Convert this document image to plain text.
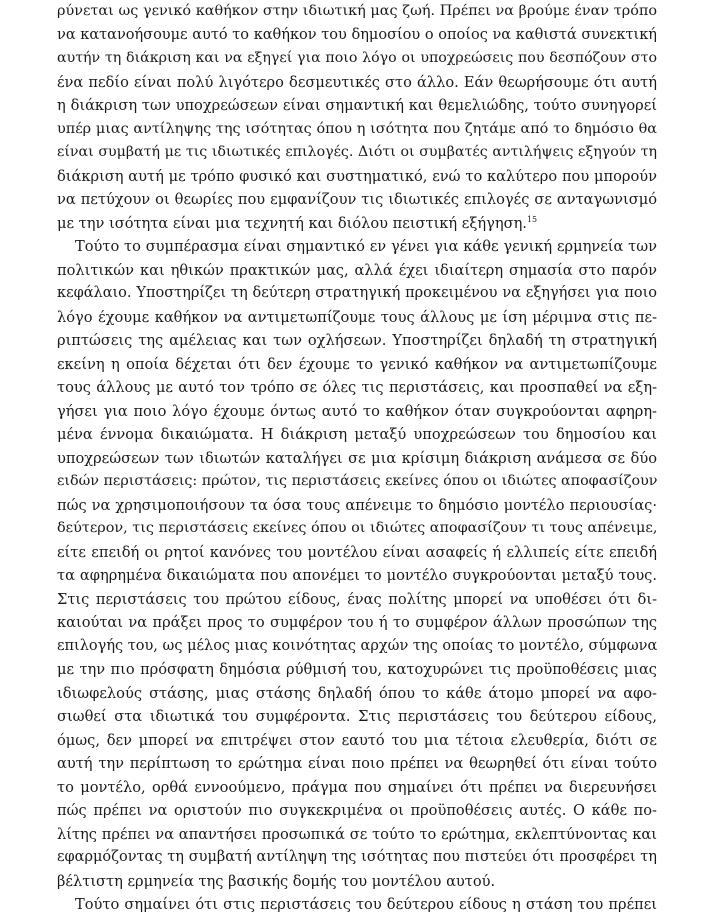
ρύνεται ως γενικό καθήκον στην ιδιωτική μας ζωή. Πρέπει να βρούμε έναν τρόπο
να κατανοήσουμε αυτό το καθήκον του δημοσίου ο οποίος να καθιστά συνεκτική
αυτήν τη διάκριση και να εξηγεί για ποιο λόγο οι υποχρεώσεις που δεσπόζουν στο
ένα πεδίο είναι πολύ λιγότερο δεσμευτικές στο άλλο. Εάν θεωρήσουμε ότι αυτή
η διάκριση των υποχρεώσεων είναι σημαντική και θεμελιώδης, τούτο συνηγορεί
υπέρ μιας αντίληψης της ισότητας όπου η ισότητα που ζητάμε από το δημόσιο θα
είναι συμβατή με τις ιδιωτικές επιλογές. Διότι οι συμβατές αντιλήψεις εξηγούν τη
διάκριση αυτή με τρόπο φυσικό και συστηματικό, ενώ το καλύτερο που μπορούν
να πετύχουν οι θεωρίες που εμφανίζουν τις ιδιωτικές επιλογές σε ανταγωνισμό
με την ισότητα είναι μια τεχνητή και διόλου πειστική εξήγηση.$^{15}$
Τούτο το συμπέρασμα είναι σημαντικό εν γένει για κάθε γενική ερμηνεία των
πολιτικών και ηθικών πρακτικών μας, αλλά έχει ιδιαίτερη σημασία στο παρόν
κεφάλαιο. Υποστηρίζει τη δεύτερη στρατηγική προκειμένου να εξηγήσει για ποιο
λόγο έχουμε καθήκον να αντιμετωπίζουμε τους άλλους με ίση μέριμνα στις πε-
ριπτώσεις της αμέλειας και των οχλήσεων. Υποστηρίζει δηλαδή τη στρατηγική
εκείνη η οποία δέχεται ότι δεν έχουμε το γενικό καθήκον να αντιμετωπίζουμε
τους άλλους με αυτό τον τρόπο σε όλες τις περιστάσεις, και προσπαθεί να εξη-
γήσει για ποιο λόγο έχουμε όντως αυτό το καθήκον όταν συγκρούονται αφηρη-
μένα έννομα δικαιώματα. Η διάκριση μεταξύ υποχρεώσεων του δημοσίου και
υποχρεώσεων των ιδιωτών καταλήγει σε μια κρίσιμη διάκριση ανάμεσα σε δύο
ειδών περιστάσεις: πρώτον, τις περιστάσεις εκείνες όπου οι ιδιώτες αποφασίζουν
πώς να χρησιμοποιήσουν τα όσα τους απένειμε το δημόσιο μοντέλο περιουσίας·
δεύτερον, τις περιστάσεις εκείνες όπου οι ιδιώτες αποφασίζουν τι τους απένειμε,
είτε επειδή οι ρητοί κανόνες του μοντέλου είναι ασαφείς ή ελλιπείς είτε επειδή
τα αφηρημένα δικαιώματα που απονέμει το μοντέλο συγκρούονται μεταξύ τους.
Στις περιστάσεις του πρώτου είδους, ένας πολίτης μπορεί να υποθέσει ότι δι-
καιούται να πράξει προς το συμφέρον του ή το συμφέρον άλλων προσώπων της
επιλογής του, ως μέλος μιας κοινότητας αρχών της οποίας το μοντέλο, σύμφωνα
με την πιο πρόσφατη δημόσια ρύθμισή του, κατοχυρώνει τις προϋποθέσεις μιας
ιδιωφελούς στάσης, μιας στάσης δηλαδή όπου το κάθε άτομο μπορεί να αφο-
σιωθεί στα ιδιωτικά του συμφέροντα. Στις περιστάσεις του δεύτερου είδους,
όμως, δεν μπορεί να επιτρέψει στον εαυτό του μια τέτοια ελευθερία, διότι σε
αυτή την περίπτωση το ερώτημα είναι ποιο πρέπει να θεωρηθεί ότι είναι τούτο
το μοντέλο, ορθά εννοούμενο, πράγμα που σημαίνει ότι πρέπει να διερευνήσει
πώς πρέπει να οριστούν πιο συγκεκριμένα οι προϋποθέσεις αυτές. Ο κάθε πο-
λίτης πρέπει να απαντήσει προσωπικά σε τούτο το ερώτημα, εκλεπτύνοντας και
εφαρμόζοντας τη συμβατή αντίληψη της ισότητας που πιστεύει ότι προσφέρει τη
βέλτιστη ερμηνεία της βασικής δομής του μοντέλου αυτού.
Τούτο σημαίνει ότι στις περιστάσεις του δεύτερου είδους η στάση του πρέπει
